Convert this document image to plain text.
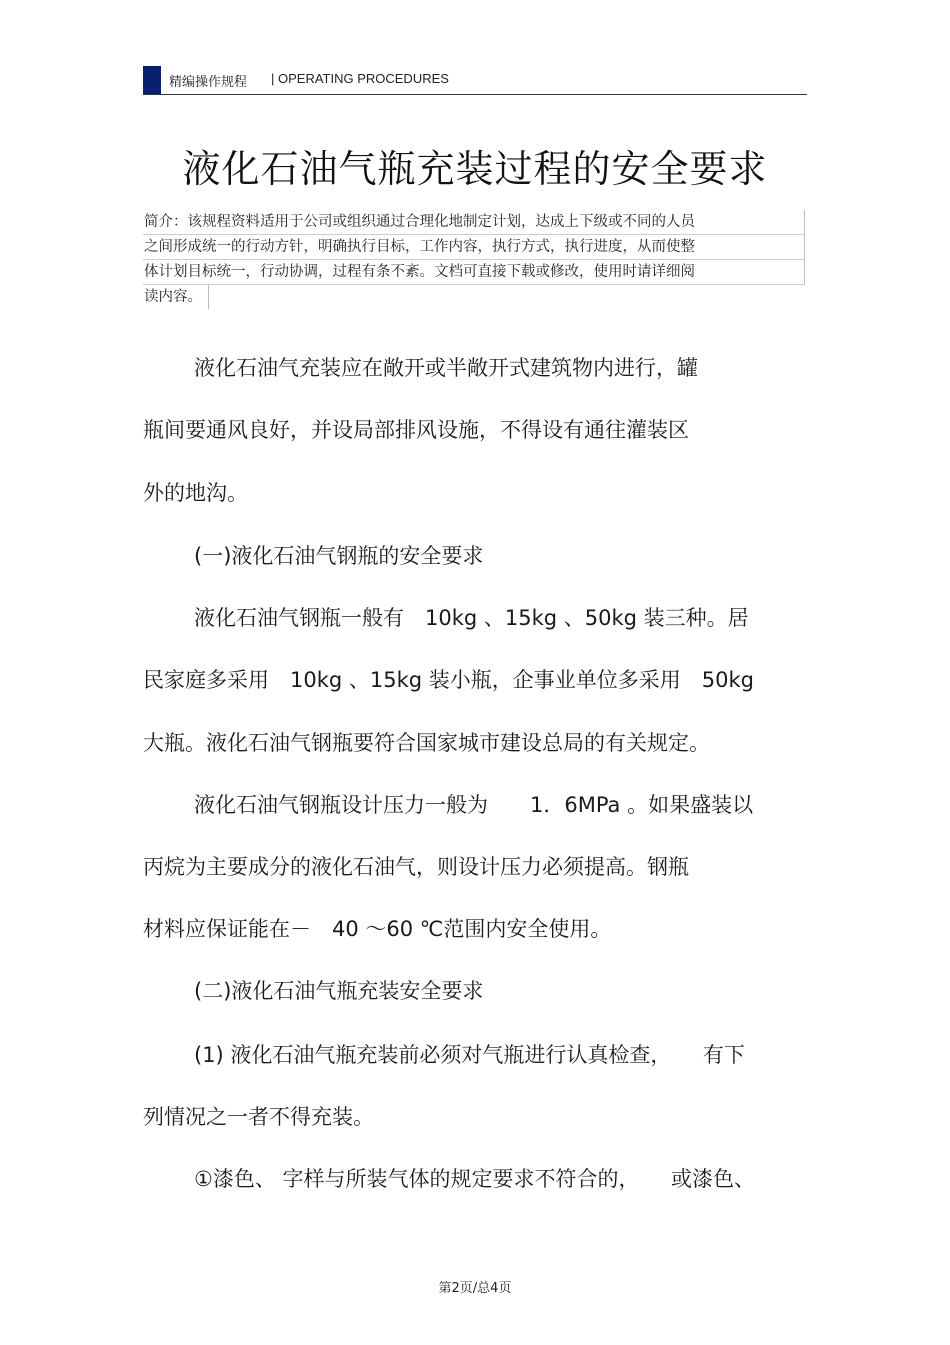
精编操作规程 | OPERATING PROCEDURES
液化石油气瓶充装过程的安全要求
简介：该规程资料适用于公司或组织通过合理化地制定计划，达成上下级或不同的人员
之间形成统一的行动方针，明确执行目标，工作内容，执行方式，执行进度，从而使整
体计划目标统一，行动协调，过程有条不紊。文档可直接下载或修改，使用时请详细阅
读内容。
液化石油气充装应在敞开或半敞开式建筑物内进行，罐
瓶间要通风良好，并设局部排风设施，不得设有通往灌装区
外的地沟。
(一)液化石油气钢瓶的安全要求
液化石油气钢瓶一般有　10kg 、15kg 、50kg 装三种。居
民家庭多采用　10kg 、15kg 装小瓶，企事业单位多采用　50kg
大瓶。液化石油气钢瓶要符合国家城市建设总局的有关规定。
液化石油气钢瓶设计压力一般为　　1．6MPa 。如果盛装以
丙烷为主要成分的液化石油气，则设计压力必须提高。钢瓶
材料应保证能在－　40 ～60 ℃范围内安全使用。
(二)液化石油气瓶充装安全要求
(1) 液化石油气瓶充装前必须对气瓶进行认真检查，　　有下
列情况之一者不得充装。
①漆色、 字样与所装气体的规定要求不符合的，　　或漆色、
第2页/总4页
